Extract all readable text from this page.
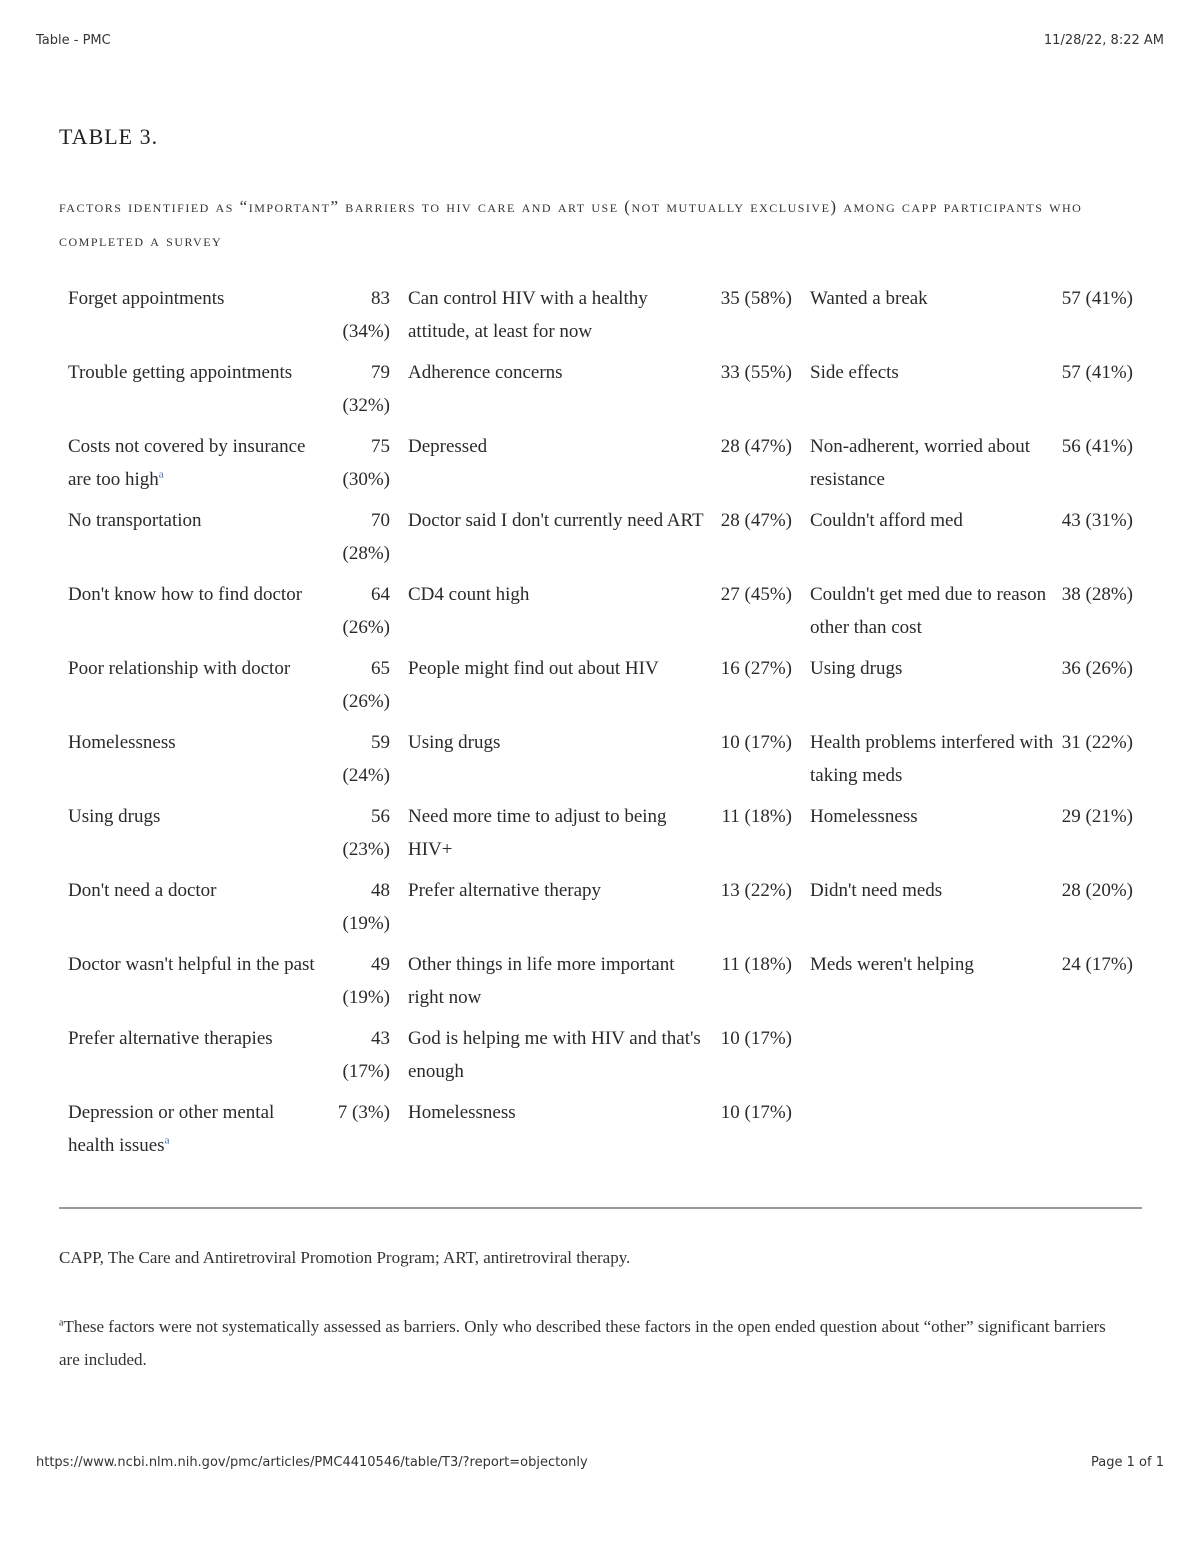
Table - PMC	11/28/22, 8:22 AM
TABLE 3.
factors identified as “important” barriers to hiv care and art use (not mutually exclusive) among capp participants who completed a survey
Forget appointments	83 (34%)	Can control HIV with a healthy attitude, at least for now	35 (58%)	Wanted a break	57 (41%)
Trouble getting appointments	79 (32%)	Adherence concerns	33 (55%)	Side effects	57 (41%)
Costs not covered by insurance are too high$^a$	75 (30%)	Depressed	28 (47%)	Non-adherent, worried about resistance	56 (41%)
No transportation	70 (28%)	Doctor said I don't currently need ART	28 (47%)	Couldn't afford med	43 (31%)
Don't know how to find doctor	64 (26%)	CD4 count high	27 (45%)	Couldn't get med due to reason other than cost	38 (28%)
Poor relationship with doctor	65 (26%)	People might find out about HIV	16 (27%)	Using drugs	36 (26%)
Homelessness	59 (24%)	Using drugs	10 (17%)	Health problems interfered with taking meds	31 (22%)
Using drugs	56 (23%)	Need more time to adjust to being HIV+	11 (18%)	Homelessness	29 (21%)
Don't need a doctor	48 (19%)	Prefer alternative therapy	13 (22%)	Didn't need meds	28 (20%)
Doctor wasn't helpful in the past	49 (19%)	Other things in life more important right now	11 (18%)	Meds weren't helping	24 (17%)
Prefer alternative therapies	43 (17%)	God is helping me with HIV and that's enough	10 (17%)		
Depression or other mental health issues$^a$	7 (3%)	Homelessness	10 (17%)		
CAPP, The Care and Antiretroviral Promotion Program; ART, antiretroviral therapy.
$^a$These factors were not systematically assessed as barriers. Only who described these factors in the open ended question about “other” significant barriers are included.
https://www.ncbi.nlm.nih.gov/pmc/articles/PMC4410546/table/T3/?report=objectonly	Page 1 of 1
